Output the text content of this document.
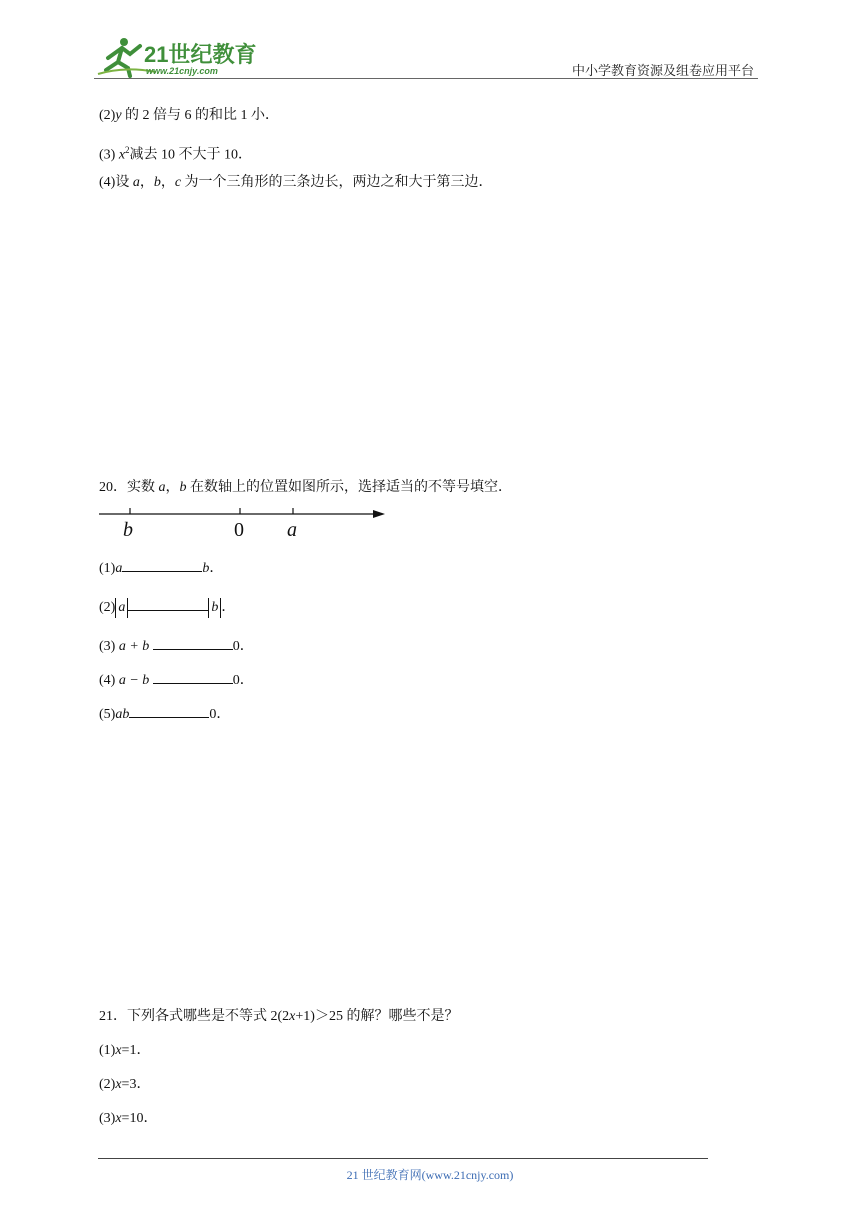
21世纪教育
www.21cnjy.com	中小学教育资源及组卷应用平台
(2)y 的 2 倍与 6 的和比 1 小．
(3) $x^2$减去 10 不大于 10．
(4)设 a，b，c 为一个三角形的三条边长，两边之和大于第三边．
20．实数 a，b 在数轴上的位置如图所示，选择适当的不等号填空．
b	0 a
(1)a	b．
(2) a	b ．
(3) a + b	0．
(4) a − b	0．
(5)ab	0．
21．下列各式哪些是不等式 2(2x+1)＞25 的解？哪些不是？
(1)x=1．
(2)x=3．
(3)x=10．
21 世纪教育网(www.21cnjy.com)
